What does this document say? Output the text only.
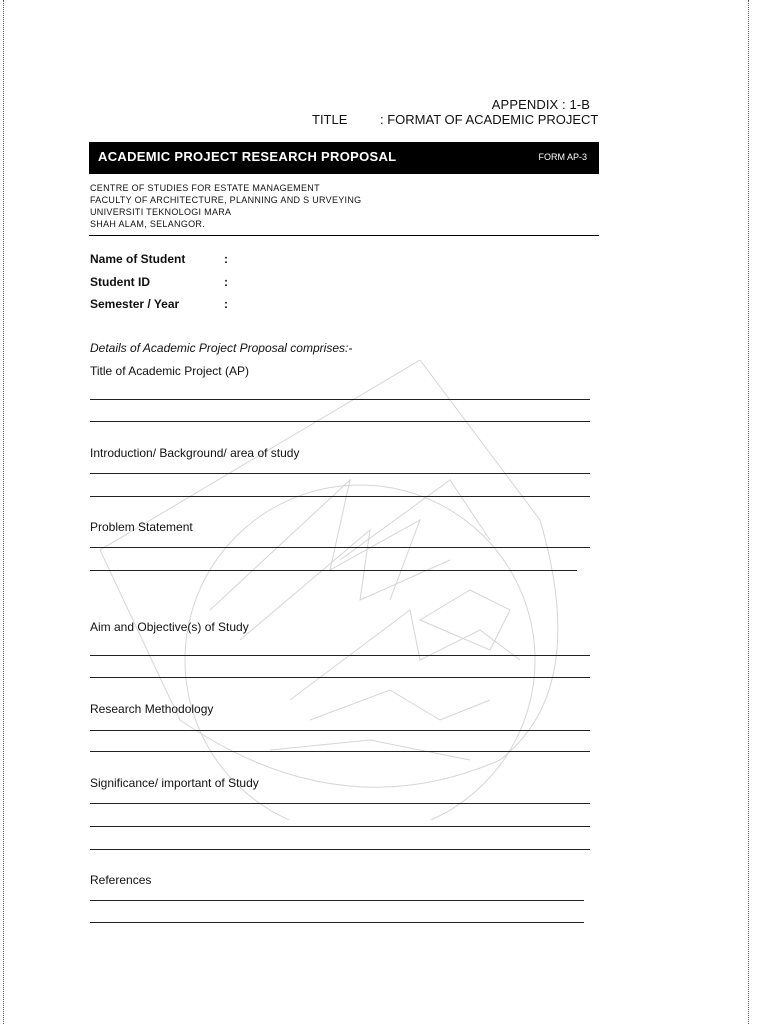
APPENDIX : 1-B
TITLE	: FORMAT OF ACADEMIC PROJECT
ACADEMIC PROJECT RESEARCH PROPOSAL	FORM AP-3
CENTRE OF STUDIES FOR ESTATE MANAGEMENT
FACULTY OF ARCHITECTURE, PLANNING AND S URVEYING
UNIVERSITI TEKNOLOGI MARA
SHAH ALAM, SELANGOR.
Name of Student	:
Student ID	:
Semester / Year	:
Details of Academic Project Proposal comprises:-
Title of Academic Project (AP)
Introduction/ Background/ area of study
Problem Statement
Aim and Objective(s) of Study
Research Methodology
Significance/ important of Study
References
